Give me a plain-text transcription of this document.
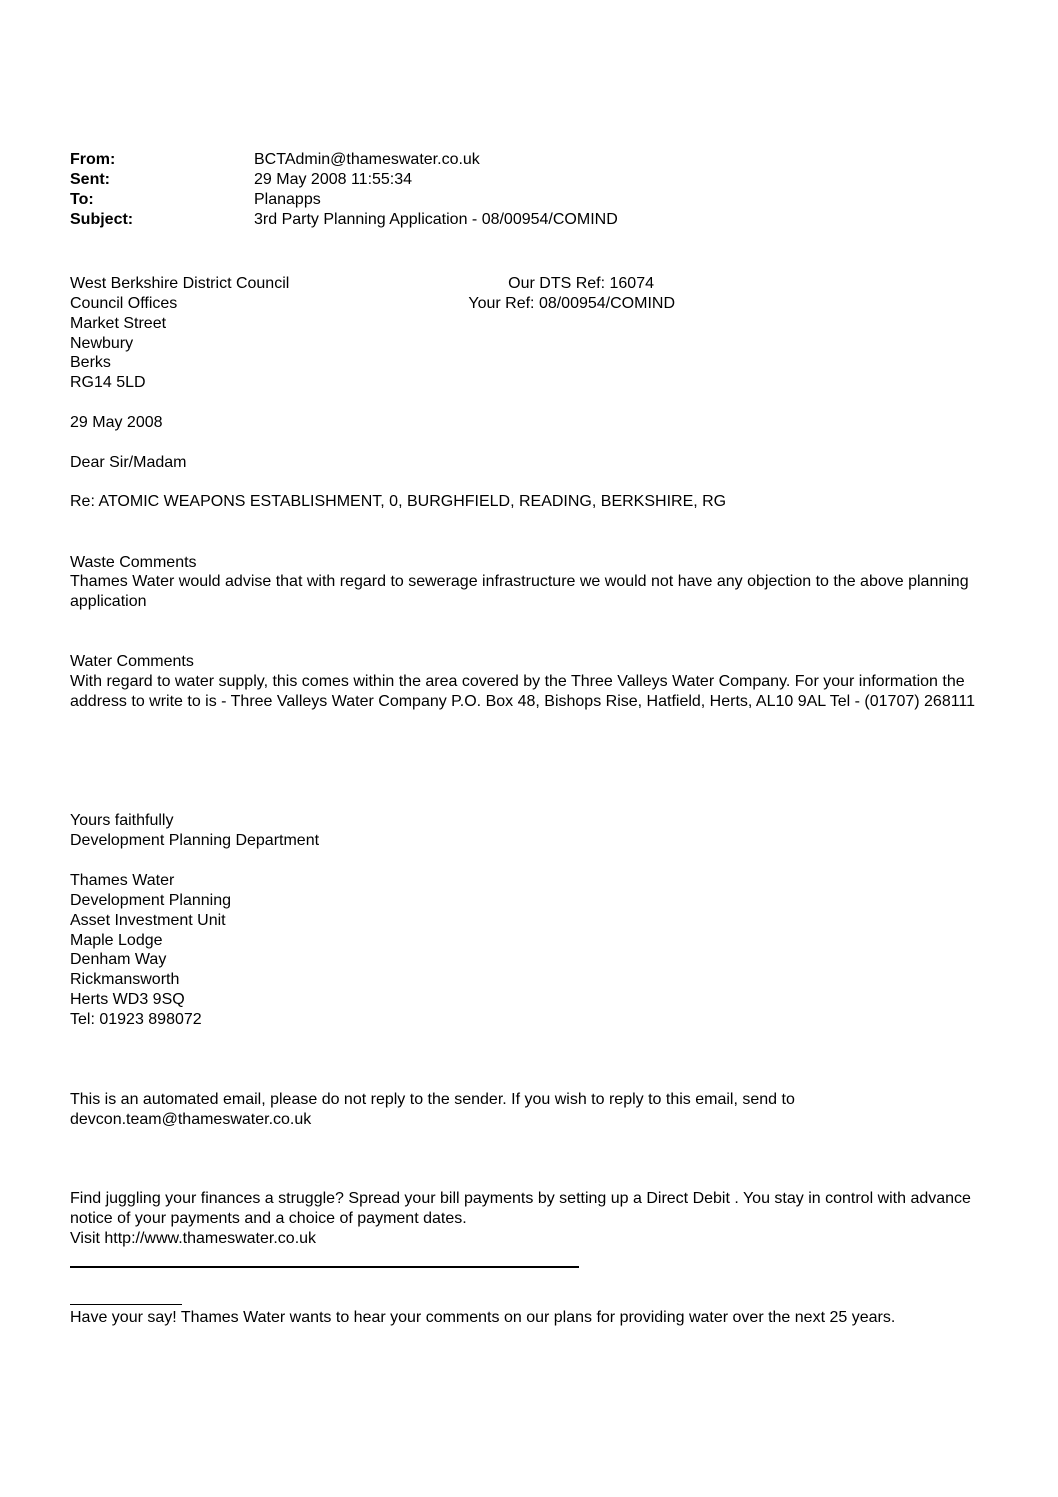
From:	BCTAdmin@thameswater.co.uk
Sent:	29 May 2008 11:55:34
To:	Planapps
Subject:	3rd Party Planning Application - 08/00954/COMIND
West Berkshire District Council
Council Offices
Market Street
Newbury
Berks
RG14 5LD
Our DTS Ref: 16074
Your Ref: 08/00954/COMIND
29 May 2008
Dear Sir/Madam
Re: ATOMIC WEAPONS ESTABLISHMENT, 0, BURGHFIELD, READING, BERKSHIRE, RG
Waste Comments
Thames Water would advise that with regard to sewerage infrastructure we would not have any objection to the above planning application
Water Comments
With regard to water supply, this comes within the area covered by the Three Valleys Water Company. For your information the address to write to is - Three Valleys Water Company P.O. Box 48, Bishops Rise, Hatfield, Herts, AL10 9AL Tel - (01707) 268111
Yours faithfully
Development Planning Department
Thames Water
Development Planning
Asset Investment Unit
Maple Lodge
Denham Way
Rickmansworth
Herts WD3 9SQ
Tel: 01923 898072
This is an automated email, please do not reply to the sender. If you wish to reply to this email, send to
devcon.team@thameswater.co.uk
Find juggling your finances a struggle? Spread your bill payments by setting up a Direct Debit . You stay in control with advance notice of your payments and a choice of payment dates.
Visit http://www.thameswater.co.uk
Have your say! Thames Water wants to hear your comments on our plans for providing water over the next 25 years.
